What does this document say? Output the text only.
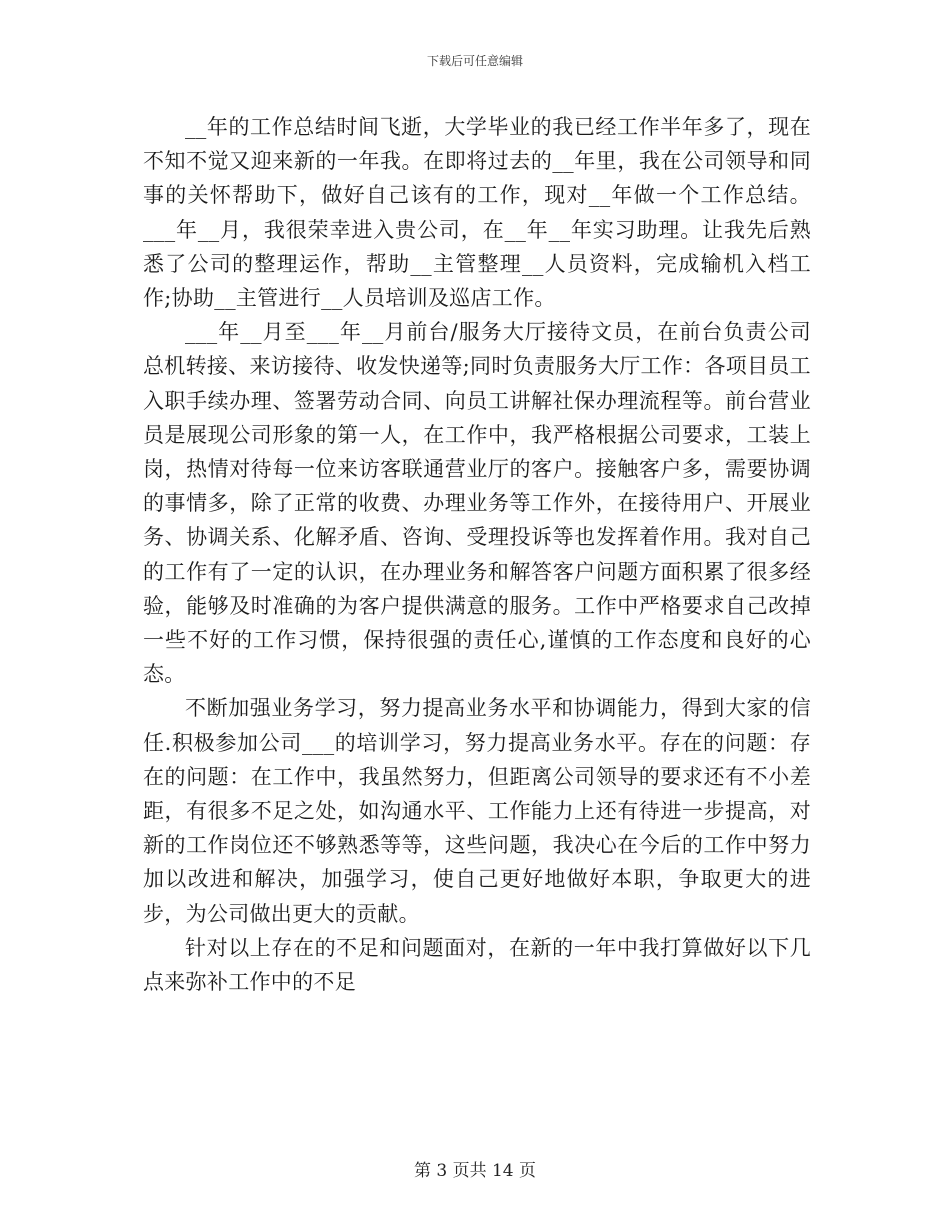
下载后可任意编辑

__年的工作总结时间飞逝，大学毕业的我已经工作半年多了，现在不知不觉又迎来新的一年我。在即将过去的__年里，我在公司领导和同事的关怀帮助下，做好自己该有的工作，现对__年做一个工作总结。___年__月，我很荣幸进入贵公司，在__年__年实习助理。让我先后熟悉了公司的整理运作，帮助__主管整理__人员资料，完成输机入档工作;协助__主管进行__人员培训及巡店工作。

___年__月至___年__月前台/服务大厅接待文员，在前台负责公司总机转接、来访接待、收发快递等;同时负责服务大厅工作：各项目员工入职手续办理、签署劳动合同、向员工讲解社保办理流程等。前台营业员是展现公司形象的第一人，在工作中，我严格根据公司要求，工装上岗，热情对待每一位来访客联通营业厅的客户。接触客户多，需要协调的事情多，除了正常的收费、办理业务等工作外，在接待用户、开展业务、协调关系、化解矛盾、咨询、受理投诉等也发挥着作用。我对自己的工作有了一定的认识，在办理业务和解答客户问题方面积累了很多经验，能够及时准确的为客户提供满意的服务。工作中严格要求自己改掉一些不好的工作习惯，保持很强的责任心,谨慎的工作态度和良好的心态。

不断加强业务学习，努力提高业务水平和协调能力，得到大家的信任.积极参加公司___的培训学习，努力提高业务水平。存在的问题：存在的问题：在工作中，我虽然努力，但距离公司领导的要求还有不小差距，有很多不足之处，如沟通水平、工作能力上还有待进一步提高，对新的工作岗位还不够熟悉等等，这些问题，我决心在今后的工作中努力加以改进和解决，加强学习，使自己更好地做好本职，争取更大的进步，为公司做出更大的贡献。

针对以上存在的不足和问题面对，在新的一年中我打算做好以下几点来弥补工作中的不足

第 3 页共 14 页
